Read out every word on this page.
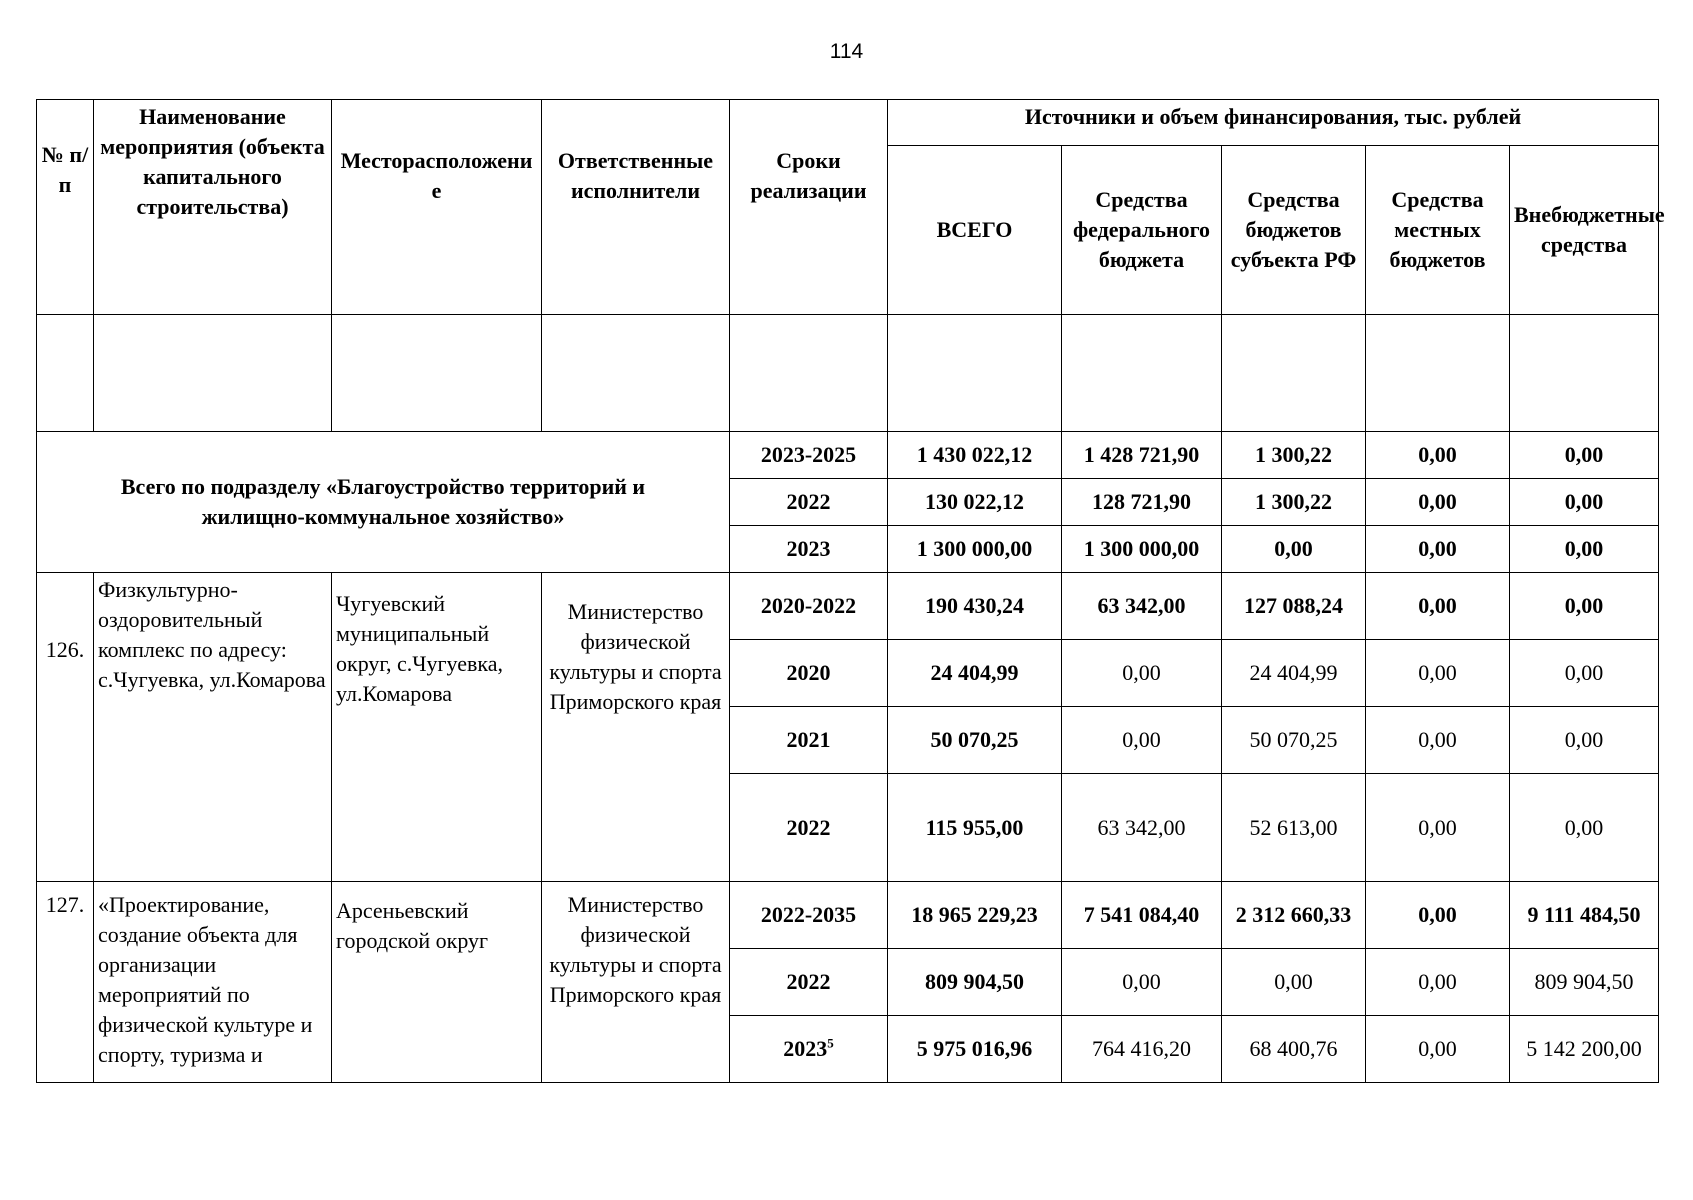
114
№ п/п	Наименование мероприятия (объекта капитального строительства)	Месторасположение	Ответственные исполнители	Сроки реализации	Источники и объем финансирования, тыс. рублей				
					ВСЕГО	Средства федерального бюджета	Средства бюджетов субъекта РФ	Средства местных бюджетов	Внебюджетные средства

Всего по подразделу «Благоустройство территорий и жилищно-коммунальное хозяйство»				2023-2025	1 430 022,12	1 428 721,90	1 300,22	0,00	0,00
				2022	130 022,12	128 721,90	1 300,22	0,00	0,00
				2023	1 300 000,00	1 300 000,00	0,00	0,00	0,00
126.	Физкультурно-оздоровительный комплекс по адресу: с.Чугуевка, ул.Комарова	Чугуевский муниципальный округ, с.Чугуевка, ул.Комарова	Министерство физической культуры и спорта Приморского края	2020-2022	190 430,24	63 342,00	127 088,24	0,00	0,00
				2020	24 404,99	0,00	24 404,99	0,00	0,00
				2021	50 070,25	0,00	50 070,25	0,00	0,00
				2022	115 955,00	63 342,00	52 613,00	0,00	0,00
127.	«Проектирование, создание объекта для организации мероприятий по физической культуре и спорту, туризма и	Арсеньевский городской округ	Министерство физической культуры и спорта Приморского края	2022-2035	18 965 229,23	7 541 084,40	2 312 660,33	0,00	9 111 484,50
				2022	809 904,50	0,00	0,00	0,00	809 904,50
				2023$^5$	5 975 016,96	764 416,20	68 400,76	0,00	5 142 200,00
